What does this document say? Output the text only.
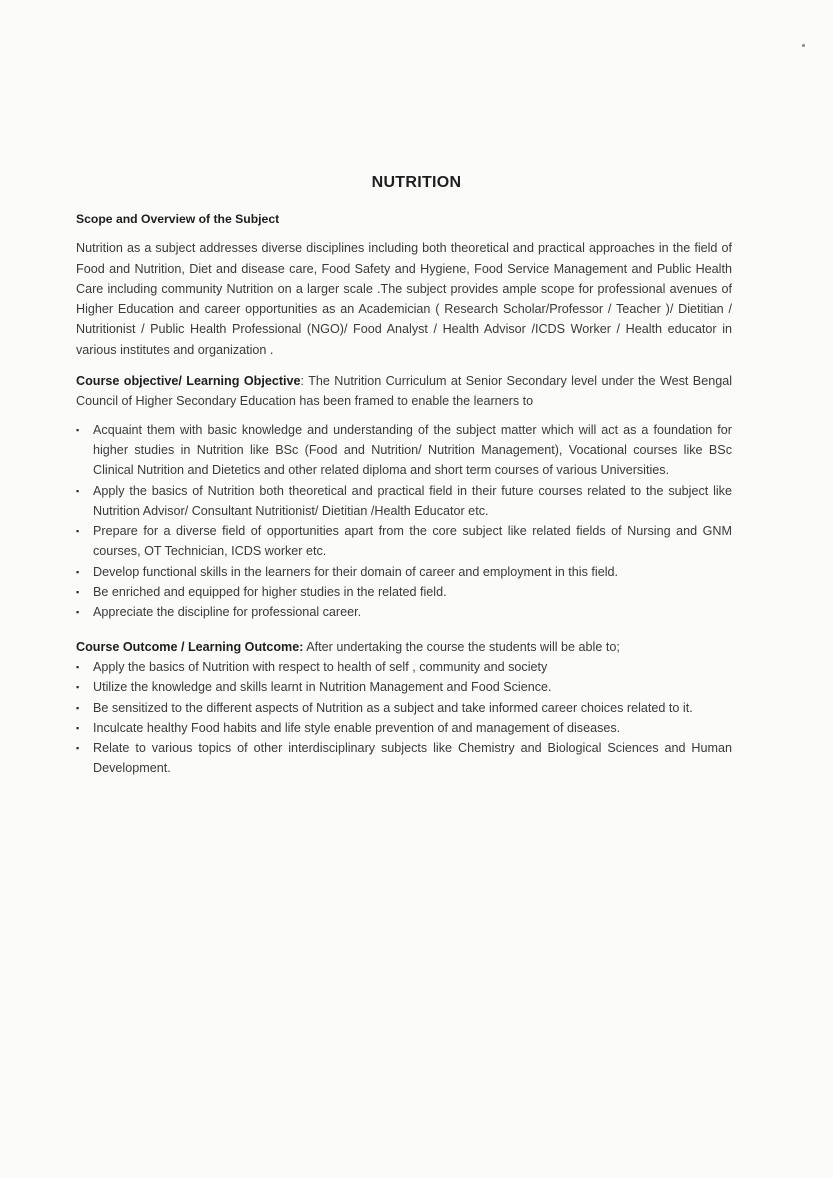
NUTRITION
Scope and Overview of the Subject

Nutrition as a subject addresses diverse disciplines including both theoretical and practical approaches in the field of Food and Nutrition, Diet and disease care, Food Safety and Hygiene, Food Service Management and Public Health Care including community Nutrition on a larger scale .The subject provides ample scope for professional avenues of Higher Education and career opportunities as an Academician ( Research Scholar/Professor / Teacher )/ Dietitian / Nutritionist / Public Health Professional (NGO)/ Food Analyst / Health Advisor /ICDS Worker / Health educator in various institutes and organization .

Course objective/ Learning Objective: The Nutrition Curriculum at Senior Secondary level under the West Bengal Council of Higher Secondary Education has been framed to enable the learners to

▪ Acquaint them with basic knowledge and understanding of the subject matter which will act as a foundation for higher studies in Nutrition like BSc (Food and Nutrition/ Nutrition Management), Vocational courses like BSc Clinical Nutrition and Dietetics and other related diploma and short term courses of various Universities.
▪ Apply the basics of Nutrition both theoretical and practical field in their future courses related to the subject like Nutrition Advisor/ Consultant Nutritionist/ Dietitian /Health Educator etc.
▪ Prepare for a diverse field of opportunities apart from the core subject like related fields of Nursing and GNM courses, OT Technician, ICDS worker etc.
▪ Develop functional skills in the learners for their domain of career and employment in this field.
▪ Be enriched and equipped for higher studies in the related field.
▪ Appreciate the discipline for professional career.

Course Outcome / Learning Outcome: After undertaking the course the students will be able to;

▪ Apply the basics of Nutrition with respect to health of self , community and society
▪ Utilize the knowledge and skills learnt in Nutrition Management and Food Science.
▪ Be sensitized to the different aspects of Nutrition as a subject and take informed career choices related to it.
▪ Inculcate healthy Food habits and life style enable prevention of and management of diseases.
▪ Relate to various topics of other interdisciplinary subjects like Chemistry and Biological Sciences and Human Development.
